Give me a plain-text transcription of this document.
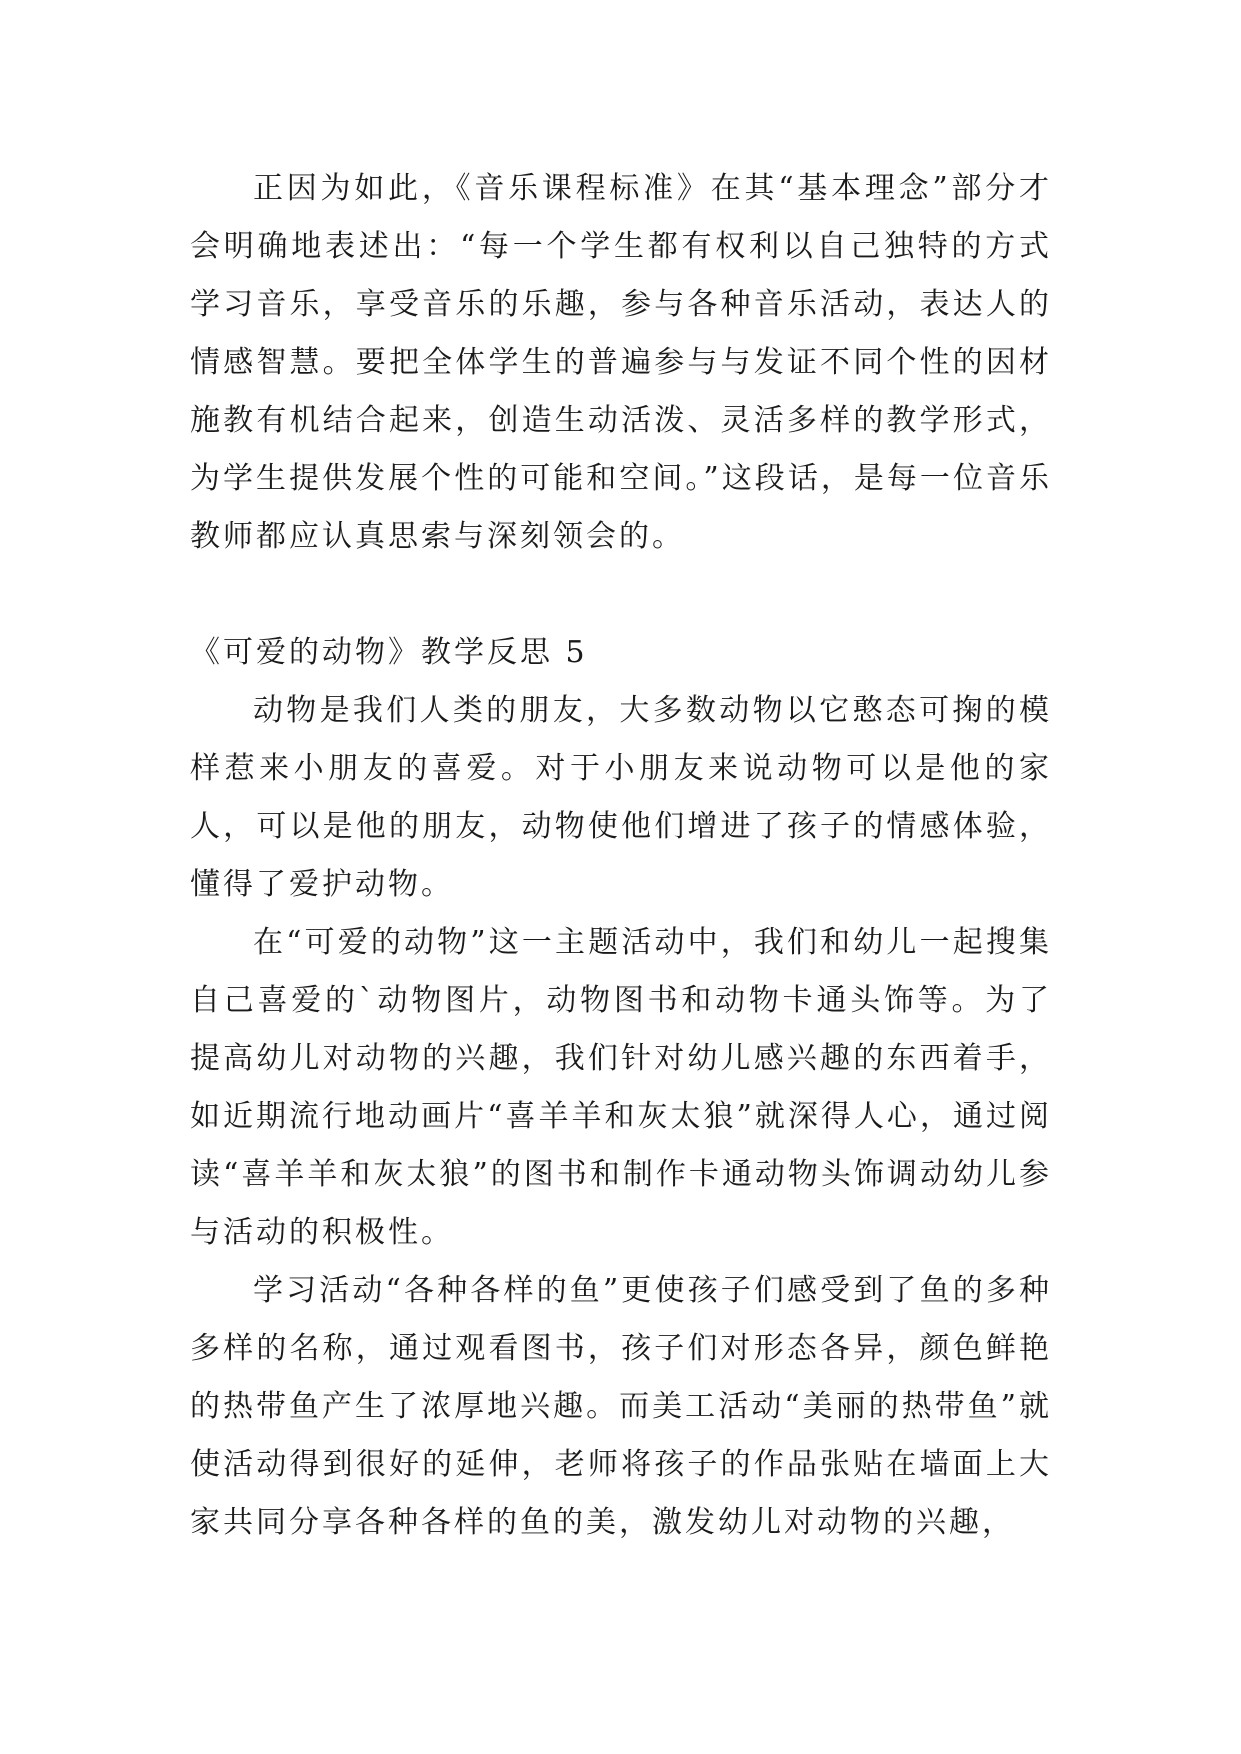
正因为如此，《音乐课程标准》在其“基本理念”部分才会明确地表述出：“每一个学生都有权利以自己独特的方式学习音乐，享受音乐的乐趣，参与各种音乐活动，表达人的情感智慧。要把全体学生的普遍参与与发证不同个性的因材施教有机结合起来，创造生动活泼、灵活多样的教学形式，为学生提供发展个性的可能和空间。”这段话，是每一位音乐教师都应认真思索与深刻领会的。

《可爱的动物》教学反思 5

动物是我们人类的朋友，大多数动物以它憨态可掬的模样惹来小朋友的喜爱。对于小朋友来说动物可以是他的家人，可以是他的朋友，动物使他们增进了孩子的情感体验，懂得了爱护动物。

在“可爱的动物”这一主题活动中，我们和幼儿一起搜集自己喜爱的`动物图片，动物图书和动物卡通头饰等。为了提高幼儿对动物的兴趣，我们针对幼儿感兴趣的东西着手，如近期流行地动画片“喜羊羊和灰太狼”就深得人心，通过阅读“喜羊羊和灰太狼”的图书和制作卡通动物头饰调动幼儿参与活动的积极性。

学习活动“各种各样的鱼”更使孩子们感受到了鱼的多种多样的名称，通过观看图书，孩子们对形态各异，颜色鲜艳的热带鱼产生了浓厚地兴趣。而美工活动“美丽的热带鱼”就使活动得到很好的延伸，老师将孩子的作品张贴在墙面上大家共同分享各种各样的鱼的美，激发幼儿对动物的兴趣，
